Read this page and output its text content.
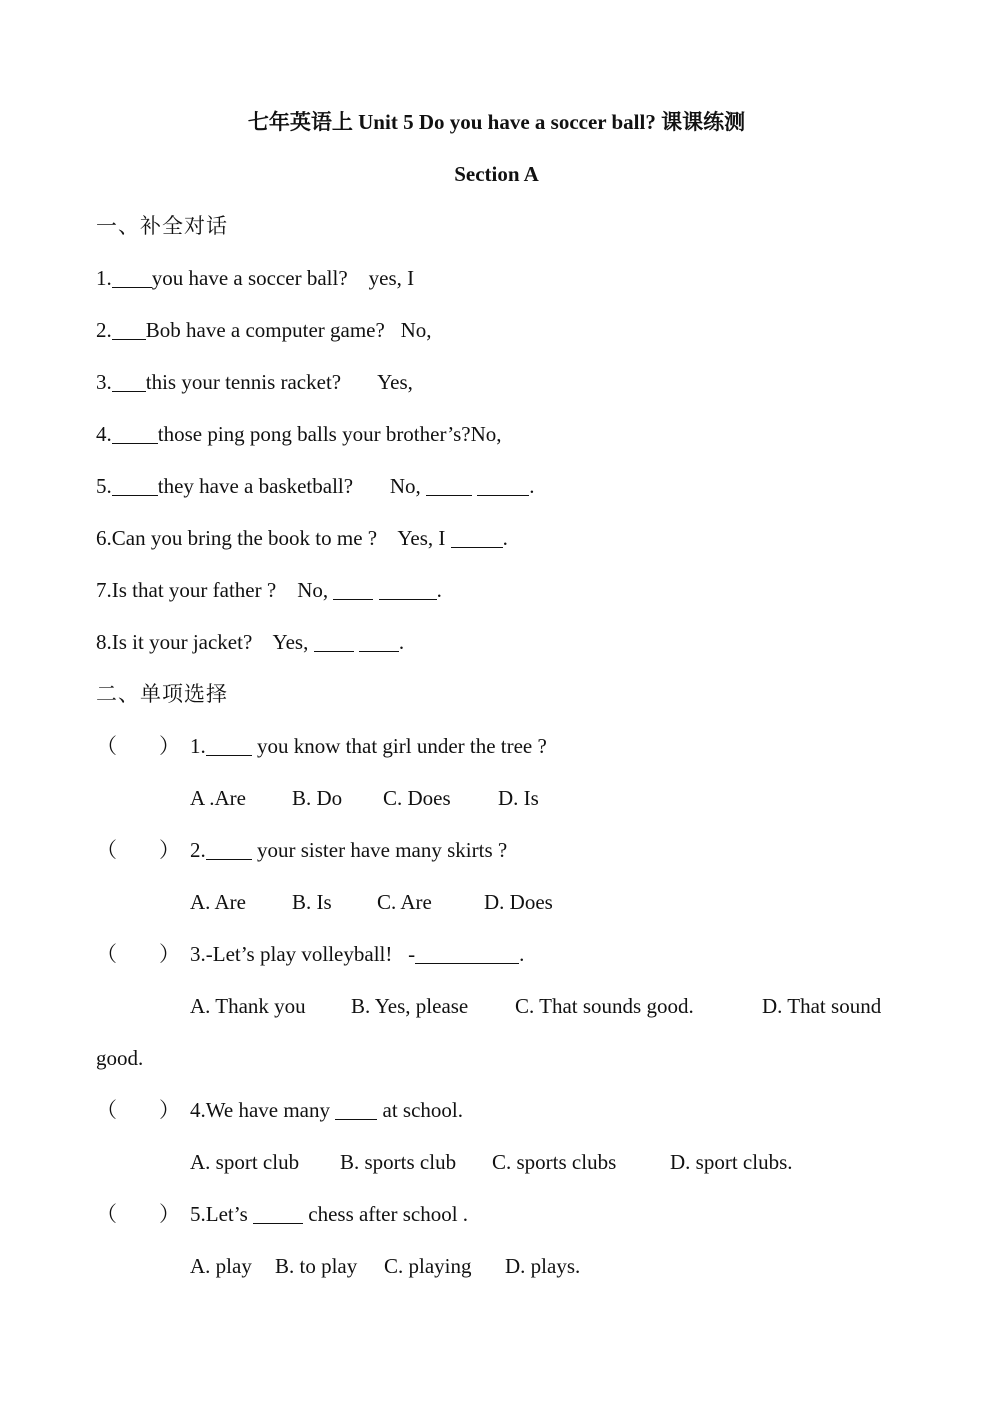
七年英语上 Unit 5 Do you have a soccer ball? 课课练测
Section A
一、补全对话
1. you have a soccer ball? yes, I
2. Bob have a computer game? No,
3. this your tennis racket? Yes,
4. those ping pong balls your brother’s?No,
5. they have a basketball? No,	.
6.Can you bring the book to me ? Yes, I	.
7.Is that your father ? No,	.
8.Is it your jacket? Yes,	.
二、单项选择
（　　） 1. you know that girl under the tree ?
A .Are B. Do C. Does D. Is
（　　） 2. your sister have many skirts ?
A. Are B. Is C. Are D. Does
（　　） 3.-Let’s play volleyball!   -	.
A. Thank you B. Yes, please C. That sounds good.	D. That sound
good.
（　　） 4.We have many	at school.
A. sport club B. sports club C. sports clubs	D. sport clubs.
（　　） 5.Let’s	chess after school .
A. play B. to play C. playing D. plays.
